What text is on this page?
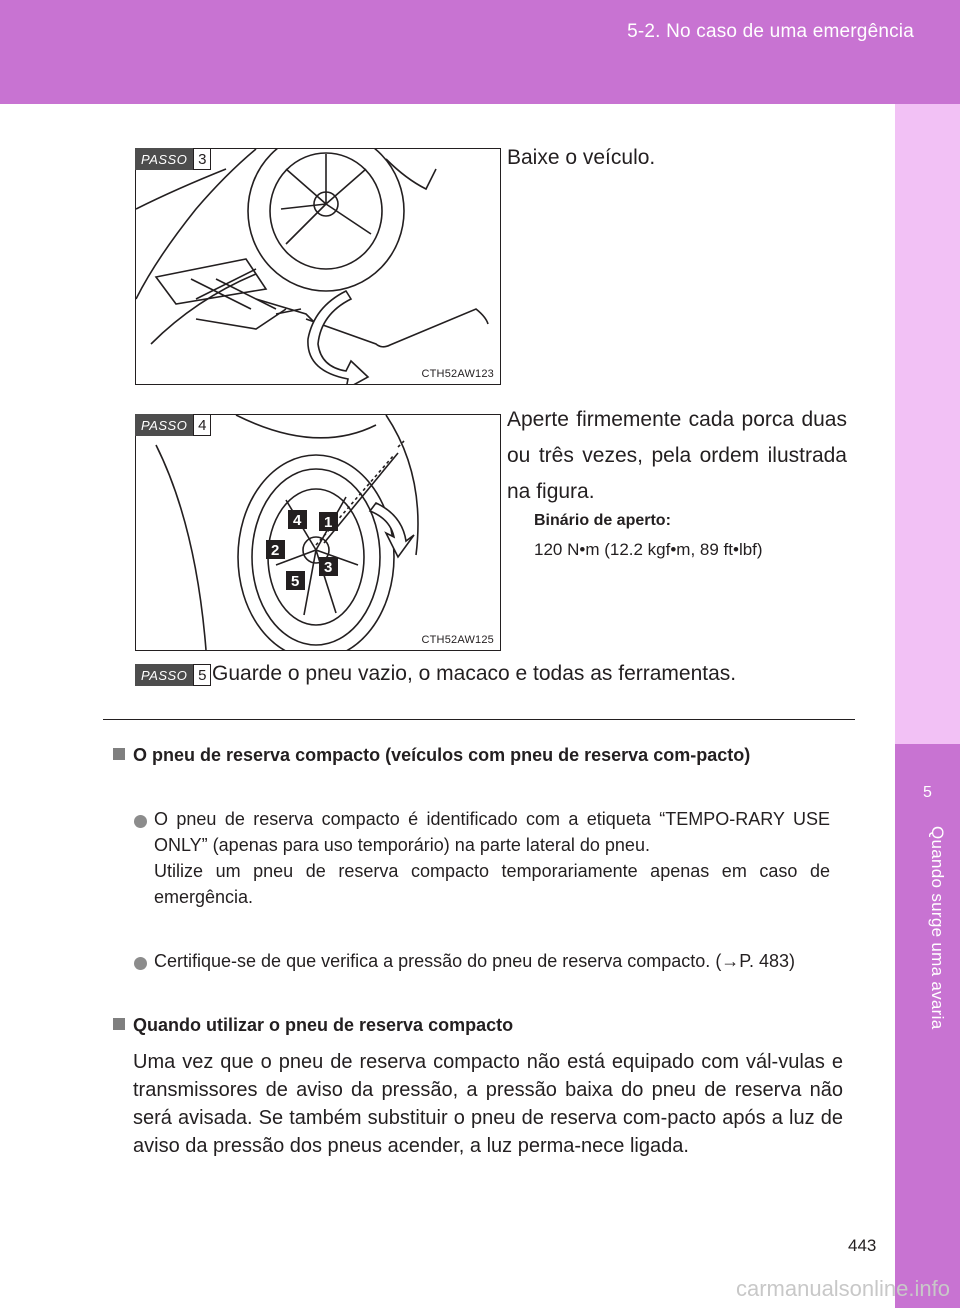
5-2. No caso de uma emergência
5
Quando surge uma avaria
PASSO 3
CTH52AW123
Baixe o veículo.
PASSO 4
1
2
3
4
5
CTH52AW125
Aperte firmemente cada porca duas ou três vezes, pela ordem ilustrada na figura.
Binário de aperto:
120 N•m (12.2 kgf•m, 89 ft•lbf)
PASSO 5 Guarde o pneu vazio, o macaco e todas as ferramentas.
O pneu de reserva compacto (veículos com pneu de reserva com-pacto)
O pneu de reserva compacto é identificado com a etiqueta “TEMPO-RARY USE ONLY” (apenas para uso temporário) na parte lateral do pneu.
Utilize um pneu de reserva compacto temporariamente apenas em caso de emergência.
Certifique-se de que verifica a pressão do pneu de reserva compacto. (→P. 483)
Quando utilizar o pneu de reserva compacto
Uma vez que o pneu de reserva compacto não está equipado com vál-vulas e transmissores de aviso da pressão, a pressão baixa do pneu de reserva não será avisada. Se também substituir o pneu de reserva com-pacto após a luz de aviso da pressão dos pneus acender, a luz perma-nece ligada.
443
carmanualsonline.info
